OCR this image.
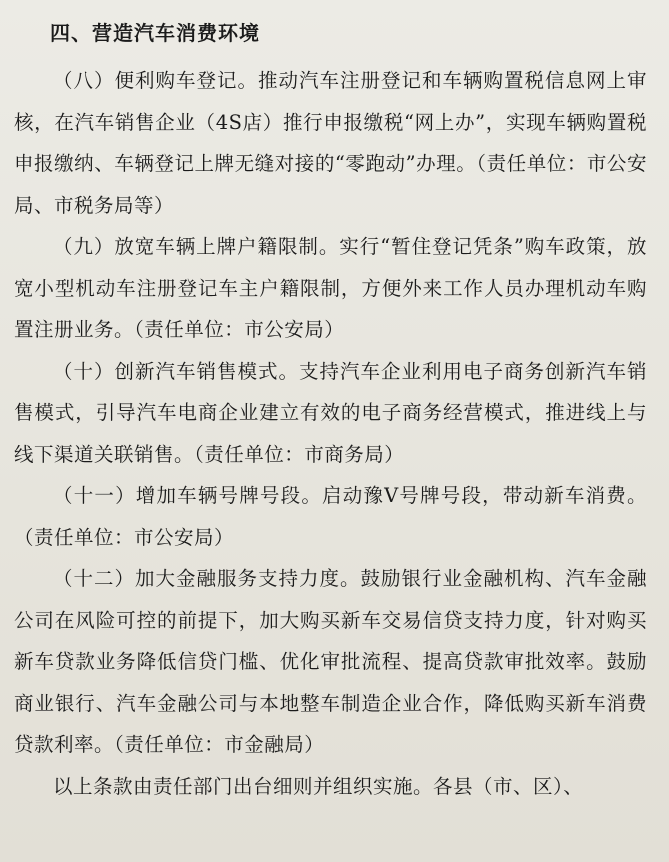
四、营造汽车消费环境

（八）便利购车登记。推动汽车注册登记和车辆购置税信息网上审核，在汽车销售企业（4S店）推行申报缴税“网上办”，实现车辆购置税申报缴纳、车辆登记上牌无缝对接的“零跑动”办理。（责任单位：市公安局、市税务局等）

（九）放宽车辆上牌户籍限制。实行“暂住登记凭条”购车政策，放宽小型机动车注册登记车主户籍限制，方便外来工作人员办理机动车购置注册业务。（责任单位：市公安局）

（十）创新汽车销售模式。支持汽车企业利用电子商务创新汽车销售模式，引导汽车电商企业建立有效的电子商务经营模式，推进线上与线下渠道关联销售。（责任单位：市商务局）

（十一）增加车辆号牌号段。启动豫V号牌号段，带动新车消费。（责任单位：市公安局）

（十二）加大金融服务支持力度。鼓励银行业金融机构、汽车金融公司在风险可控的前提下，加大购买新车交易信贷支持力度，针对购买新车贷款业务降低信贷门槛、优化审批流程、提高贷款审批效率。鼓励商业银行、汽车金融公司与本地整车制造企业合作，降低购买新车消费贷款利率。（责任单位：市金融局）

以上条款由责任部门出台细则并组织实施。各县（市、区）、
